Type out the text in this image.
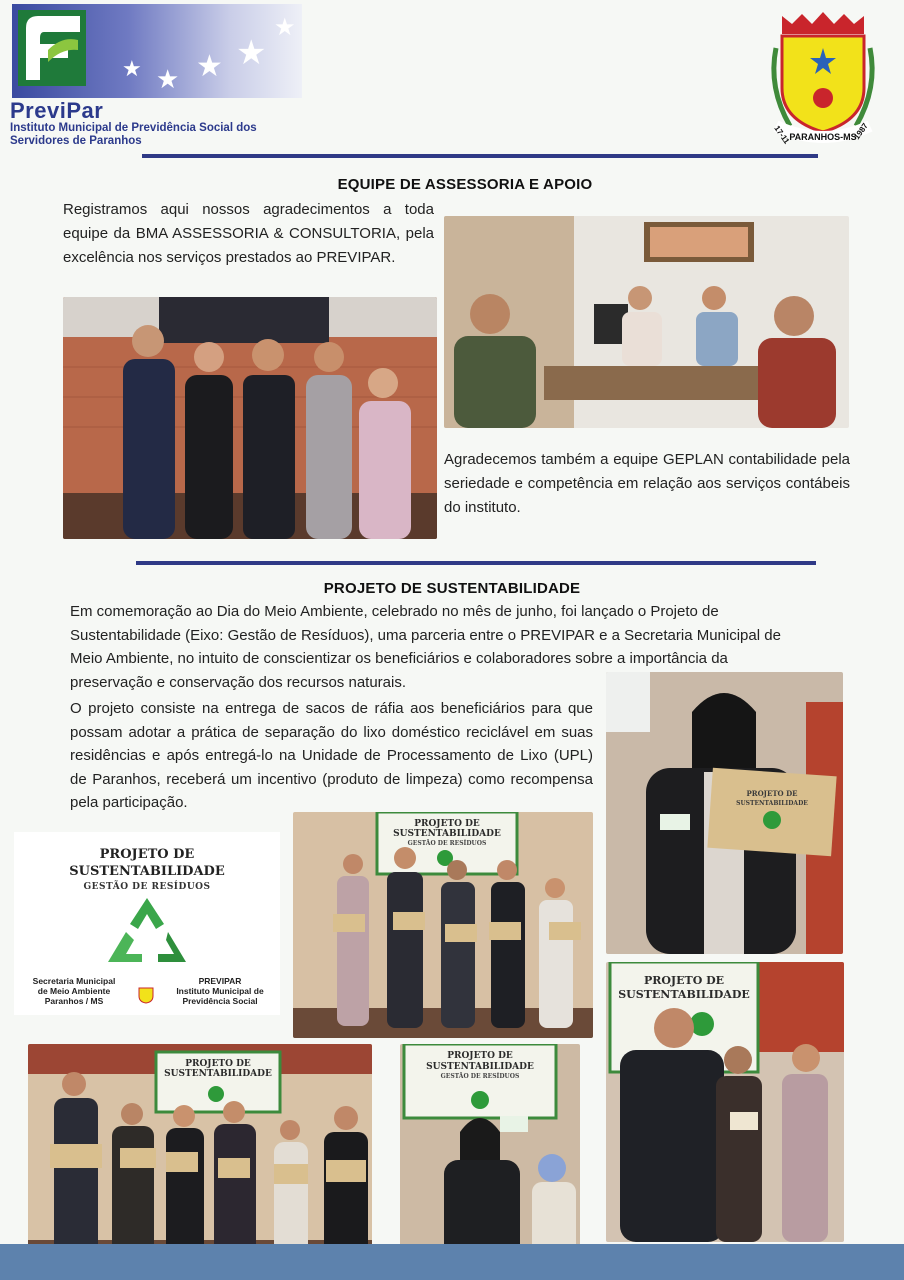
★ ★ ★ ★
★
PreviPar
Instituto Municipal de Previdência Social dos
Servidores de Paranhos	PARANHOS-MS
17-11	1987
EQUIPE DE ASSESSORIA E APOIO
Registramos aqui nossos agradecimentos a toda equipe da BMA ASSESSORIA & CONSULTORIA, pela excelência nos serviços prestados ao PREVIPAR.
Agradecemos também a equipe GEPLAN contabilidade pela seriedade e competência em relação aos serviços contábeis do instituto.
PROJETO DE SUSTENTABILIDADE
Em comemoração ao Dia do Meio Ambiente, celebrado no mês de junho, foi lançado o Projeto de Sustentabilidade (Eixo: Gestão de Resíduos), uma parceria entre o PREVIPAR e a Secretaria Municipal de Meio Ambiente, no intuito de conscientizar os beneficiários e colaboradores sobre a importância da preservação e conservação dos recursos naturais.
O projeto consiste na entrega de sacos de ráfia aos beneficiários para que possam adotar a prática de separação do lixo doméstico reciclável em suas residências e após entregá-lo na Unidade de Processamento de Lixo (UPL) de Paranhos, receberá um incentivo (produto de limpeza) como recompensa pela participação.
PROJETO DE
SUSTENTABILIDADE
PROJETO DE
SUSTENTABILIDADE
GESTÃO DE RESÍDUOS
Secretaria Municipal
de Meio Ambiente
Paranhos / MS
PREVIPAR
Instituto Municipal de
Previdência Social
PROJETO DE
SUSTENTABILIDADE
GESTÃO DE RESÍDUOS
PROJETO DE
SUSTENTABILIDADE
PROJETO DE
SUSTENTABILIDADE
PROJETO DE
SUSTENTABILIDADE
GESTÃO DE RESÍDUOS
